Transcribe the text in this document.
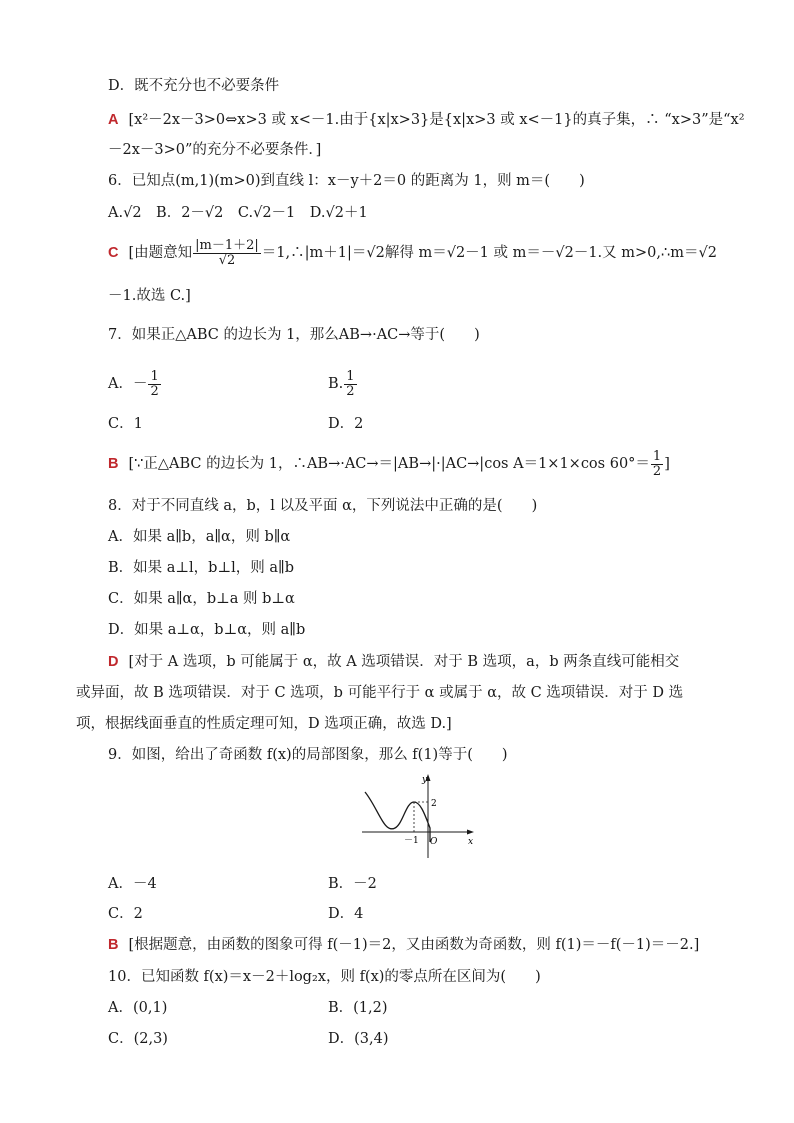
D．既不充分也不必要条件
A [x²－2x－3>0⇔x>3 或 x<－1.由于{x|x>3}是{x|x>3 或 x<－1}的真子集，∴ “x>3”是“x²
－2x－3>0”的充分不必要条件．]
6．已知点(m,1)(m>0)到直线 l：x－y＋2＝0 的距离为 1，则 m＝(　　)
A.√2　B．2－√2　C.√2－1　D.√2＋1
C [由题意知 $\frac{|m-1+2|}{√2}$ ＝1,∴|m＋1|＝√2解得 m＝√2－1 或 m＝－√2－1.又 m>0,∴m＝√2
－1.故选 C.]
7．如果正△ABC 的边长为 1，那么AB→·AC→等于(　　)
A．－ $\frac{1}{2}$	B. $\frac{1}{2}$
C．1	D．2
B [∵正△ABC 的边长为 1，∴AB→·AC→＝|AB→|·|AC→|cos A＝1×1×cos $60^\circ= \frac{1}{2}$ ]
8．对于不同直线 a，b，l 以及平面 α，下列说法中正确的是(　　)
A．如果 a∥b，a∥α，则 b∥α
B．如果 a⊥l，b⊥l，则 a∥b
C．如果 a∥α，b⊥a 则 b⊥α
D．如果 a⊥α，b⊥α，则 a∥b
D [对于 A 选项，b 可能属于 α，故 A 选项错误．对于 B 选项，a，b 两条直线可能相交
或异面，故 B 选项错误．对于 C 选项，b 可能平行于 α 或属于 α，故 C 选项错误．对于 D 选
项，根据线面垂直的性质定理可知，D 选项正确，故选 D.]
9．如图，给出了奇函数 f(x)的局部图象，那么 f(1)等于(　　)
y
x
2
－1 O
A．－4	B．－2
C．2	D．4
B [根据题意，由函数的图象可得 f(－1)＝2，又由函数为奇函数，则 f(1)＝－f(－1)＝－2.]
10．已知函数 f(x)＝x－2＋log₂x，则 f(x)的零点所在区间为(　　)
A．(0,1)	B．(1,2)
C．(2,3)	D．(3,4)
